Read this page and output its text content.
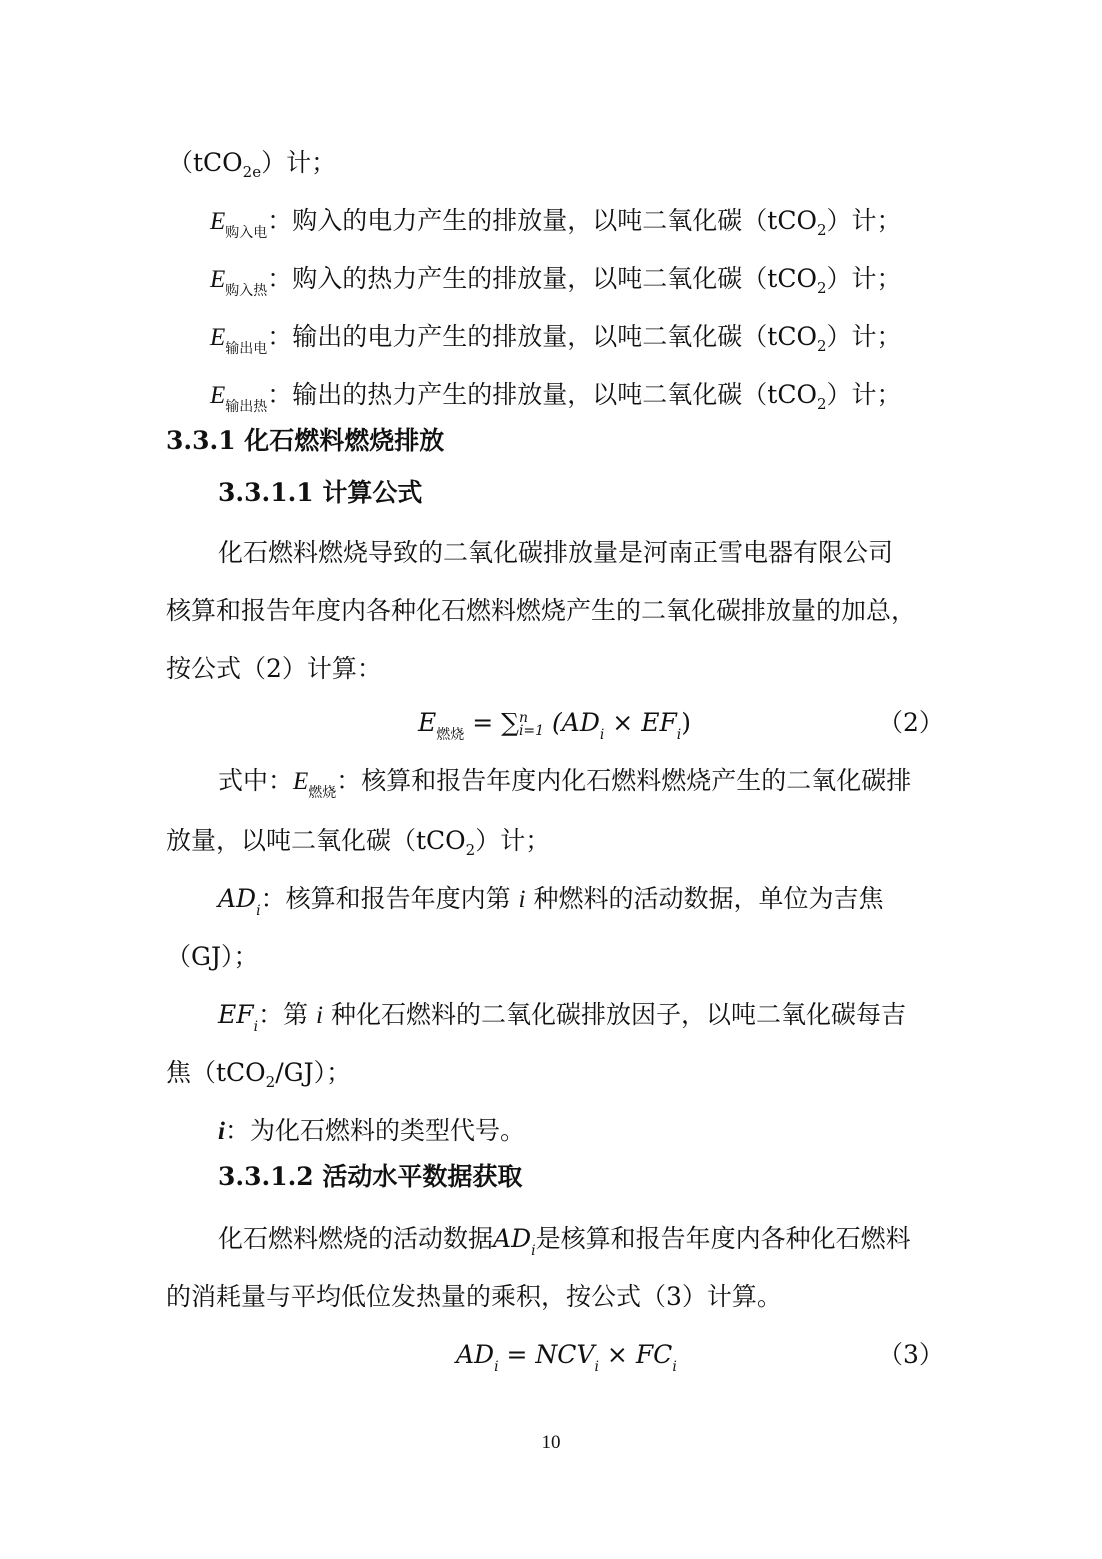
（tCO$_{2e}$）计；
$E_{购入电}$：购入的电力产生的排放量，以吨二氧化碳（tCO$_2$）计；
$E_{购入热}$：购入的热力产生的排放量，以吨二氧化碳（tCO$_2$）计；
$E_{输出电}$：输出的电力产生的排放量，以吨二氧化碳（tCO$_2$）计；
$E_{输出热}$：输出的热力产生的排放量，以吨二氧化碳（tCO$_2$）计；
3.3.1 化石燃料燃烧排放
3.3.1.1 计算公式
化石燃料燃烧导致的二氧化碳排放量是河南正雪电器有限公司
核算和报告年度内各种化石燃料燃烧产生的二氧化碳排放量的加总，
按公式（2）计算：
$E_{燃烧}$ = ∑ n
i=1 $(AD_i \times EF_i)$	（2）
式中：$E_{燃烧}$：核算和报告年度内化石燃料燃烧产生的二氧化碳排
放量，以吨二氧化碳（tCO$_2$）计；
$AD_i$：核算和报告年度内第 i 种燃料的活动数据，单位为吉焦
（GJ）；
$EF_i$：第 i 种化石燃料的二氧化碳排放因子，以吨二氧化碳每吉
焦（tCO$_2$/GJ）；
i：为化石燃料的类型代号。
3.3.1.2 活动水平数据获取
化石燃料燃烧的活动数据$AD_i$是核算和报告年度内各种化石燃料
的消耗量与平均低位发热量的乘积，按公式（3）计算。
$AD_i = NCV_i \times FC_i$	（3）
10
